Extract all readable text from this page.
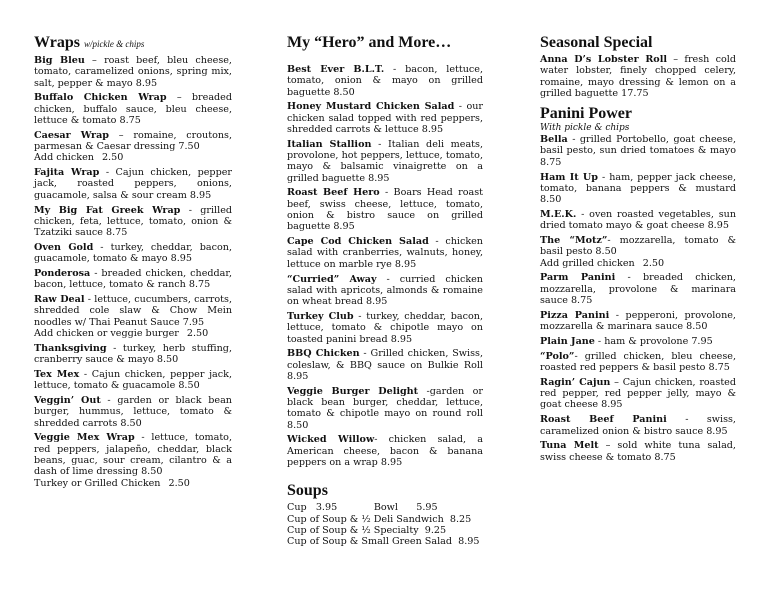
Wraps w/pickle & chips
Big Bleu – roast beef, bleu cheese, tomato, caramelized onions, spring mix, salt, pepper & mayo 8.95
Buffalo Chicken Wrap – breaded chicken, buffalo sauce, bleu cheese, lettuce & tomato 8.75
Caesar Wrap – romaine, croutons, parmesan & Caesar dressing 7.50
Add chicken 2.50
Fajita Wrap - Cajun chicken, pepper jack, roasted peppers, onions, guacamole, salsa & sour cream 8.95
My Big Fat Greek Wrap - grilled chicken, feta, lettuce, tomato, onion & Tzatziki sauce 8.75
Oven Gold - turkey, cheddar, bacon, guacamole, tomato & mayo 8.95
Ponderosa - breaded chicken, cheddar, bacon, lettuce, tomato & ranch 8.75
Raw Deal - lettuce, cucumbers, carrots, shredded cole slaw & Chow Mein noodles w/ Thai Peanut Sauce 7.95
Add chicken or veggie burger 2.50
Thanksgiving - turkey, herb stuffing, cranberry sauce & mayo 8.50
Tex Mex - Cajun chicken, pepper jack, lettuce, tomato & guacamole 8.50
Veggin’ Out - garden or black bean burger, hummus, lettuce, tomato & shredded carrots 8.50
Veggie Mex Wrap - lettuce, tomato, red peppers, jalapeño, cheddar, black beans, guac, sour cream, cilantro & a dash of lime dressing 8.50
Turkey or Grilled Chicken 2.50
My “Hero” and More…
Best Ever B.L.T. - bacon, lettuce, tomato, onion & mayo on grilled baguette 8.50
Honey Mustard Chicken Salad - our chicken salad topped with red peppers, shredded carrots & lettuce 8.95
Italian Stallion - Italian deli meats, provolone, hot peppers, lettuce, tomato, mayo & balsamic vinaigrette on a grilled baguette 8.95
Roast Beef Hero - Boars Head roast beef, swiss cheese, lettuce, tomato, onion & bistro sauce on grilled baguette 8.95
Cape Cod Chicken Salad - chicken salad with cranberries, walnuts, honey, lettuce on marble rye 8.95
“Curried” Away - curried chicken salad with apricots, almonds & romaine on wheat bread 8.95
Turkey Club - turkey, cheddar, bacon, lettuce, tomato & chipotle mayo on toasted panini bread 8.95
BBQ Chicken - Grilled chicken, Swiss, coleslaw, & BBQ sauce on Bulkie Roll 8.95
Veggie Burger Delight -garden or black bean burger, cheddar, lettuce, tomato & chipotle mayo on round roll 8.50
Wicked Willow- chicken salad, a American cheese, bacon & banana peppers on a wrap 8.95
Soups
Cup 3.95	Bowl 5.95
Cup of Soup & ½ Deli Sandwich 8.25
Cup of Soup & ½ Specialty 9.25
Cup of Soup & Small Green Salad 8.95
Seasonal Special
Anna D’s Lobster Roll – fresh cold water lobster, finely chopped celery, romaine, mayo dressing & lemon on a grilled baguette 17.75
Panini Power
With pickle & chips
Bella - grilled Portobello, goat cheese, basil pesto, sun dried tomatoes & mayo 8.75
Ham It Up - ham, pepper jack cheese, tomato, banana peppers & mustard 8.50
M.E.K. - oven roasted vegetables, sun dried tomato mayo & goat cheese 8.95
The “Motz”- mozzarella, tomato & basil pesto 8.50
Add grilled chicken 2.50
Parm Panini - breaded chicken, mozzarella, provolone & marinara sauce 8.75
Pizza Panini - pepperoni, provolone, mozzarella & marinara sauce 8.50
Plain Jane - ham & provolone 7.95
“Polo”- grilled chicken, bleu cheese, roasted red peppers & basil pesto 8.75
Ragin’ Cajun – Cajun chicken, roasted red pepper, red pepper jelly, mayo & goat cheese 8.95
Roast Beef Panini - swiss, caramelized onion & bistro sauce 8.95
Tuna Melt – sold white tuna salad, swiss cheese & tomato 8.75
